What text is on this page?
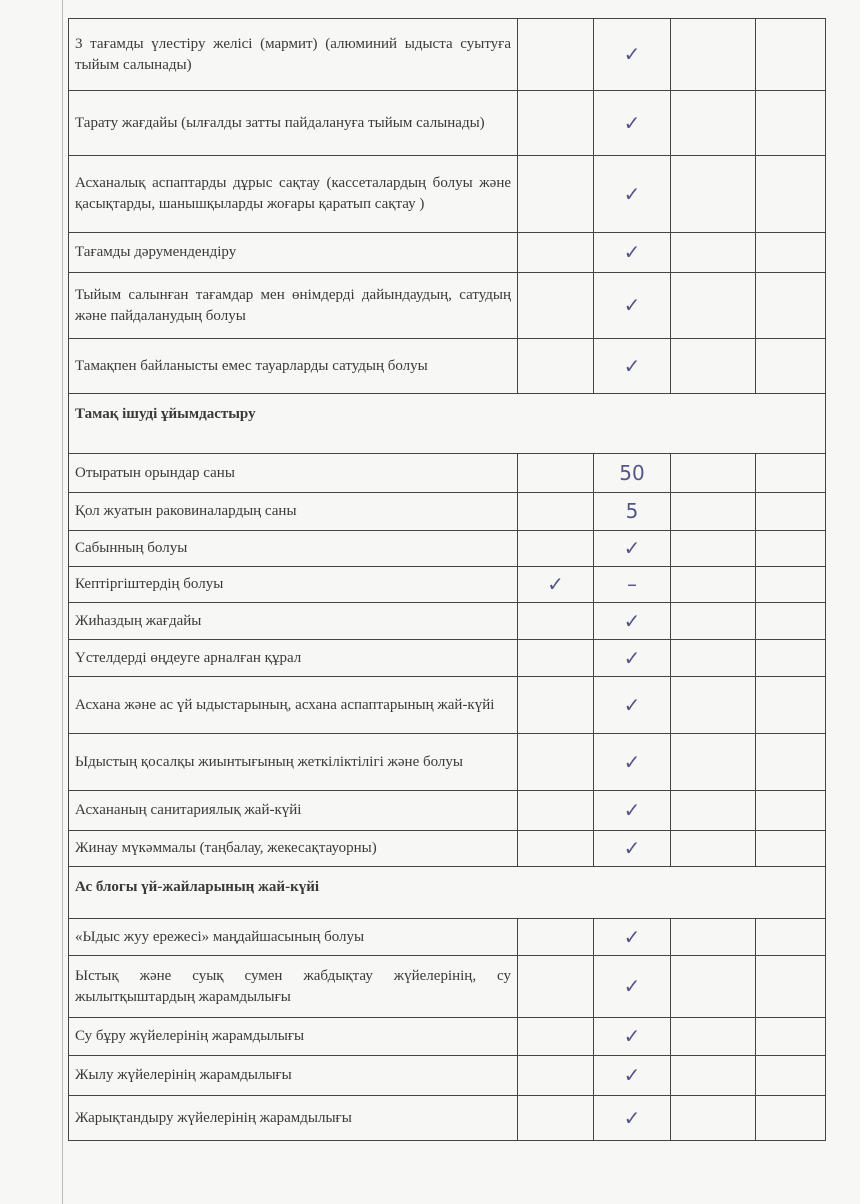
3 тағамды үлестіру желісі (мармит) (алюминий ыдыста суытуға тыйым салынады)		✓		
Тарату жағдайы (ылғалды затты пайдалануға тыйым салынады)		✓		
Асханалық аспаптарды дұрыс сақтау (кассеталардың болуы және қасықтарды, шанышқыларды жоғары қаратып сақтау )		✓		
Тағамды дәрумендендіру		✓		
Тыйым салынған тағамдар мен өнімдерді дайындаудың, сатудың және пайдаланудың болуы		✓		
Тамақпен байланысты емес тауарларды сатудың болуы		✓		
Тамақ ішуді ұйымдастыру				
Отыратын орындар саны		50		
Қол жуатын раковиналардың саны		5		
Сабынның болуы		✓		
Кептіргіштердің болуы	✓	–		
Жиһаздың жағдайы		✓		
Үстелдерді өңдеуге арналған құрал		✓		
Асхана және ас үй ыдыстарының, асхана аспаптарының жай-күйі		✓		
Ыдыстың қосалқы жиынтығының жеткіліктілігі және болуы		✓		
Асхананың санитариялық жай-күйі		✓		
Жинау мүкәммалы (таңбалау, жекесақтауорны)		✓		
Ас блогы үй-жайларының жай-күйі				
«Ыдыс жуу ережесі» маңдайшасының болуы		✓		
Ыстық және суық сумен жабдықтау жүйелерінің, су жылытқыштардың жарамдылығы		✓		
Су бұру жүйелерінің жарамдылығы		✓		
Жылу жүйелерінің жарамдылығы		✓		
Жарықтандыру жүйелерінің жарамдылығы		✓		
